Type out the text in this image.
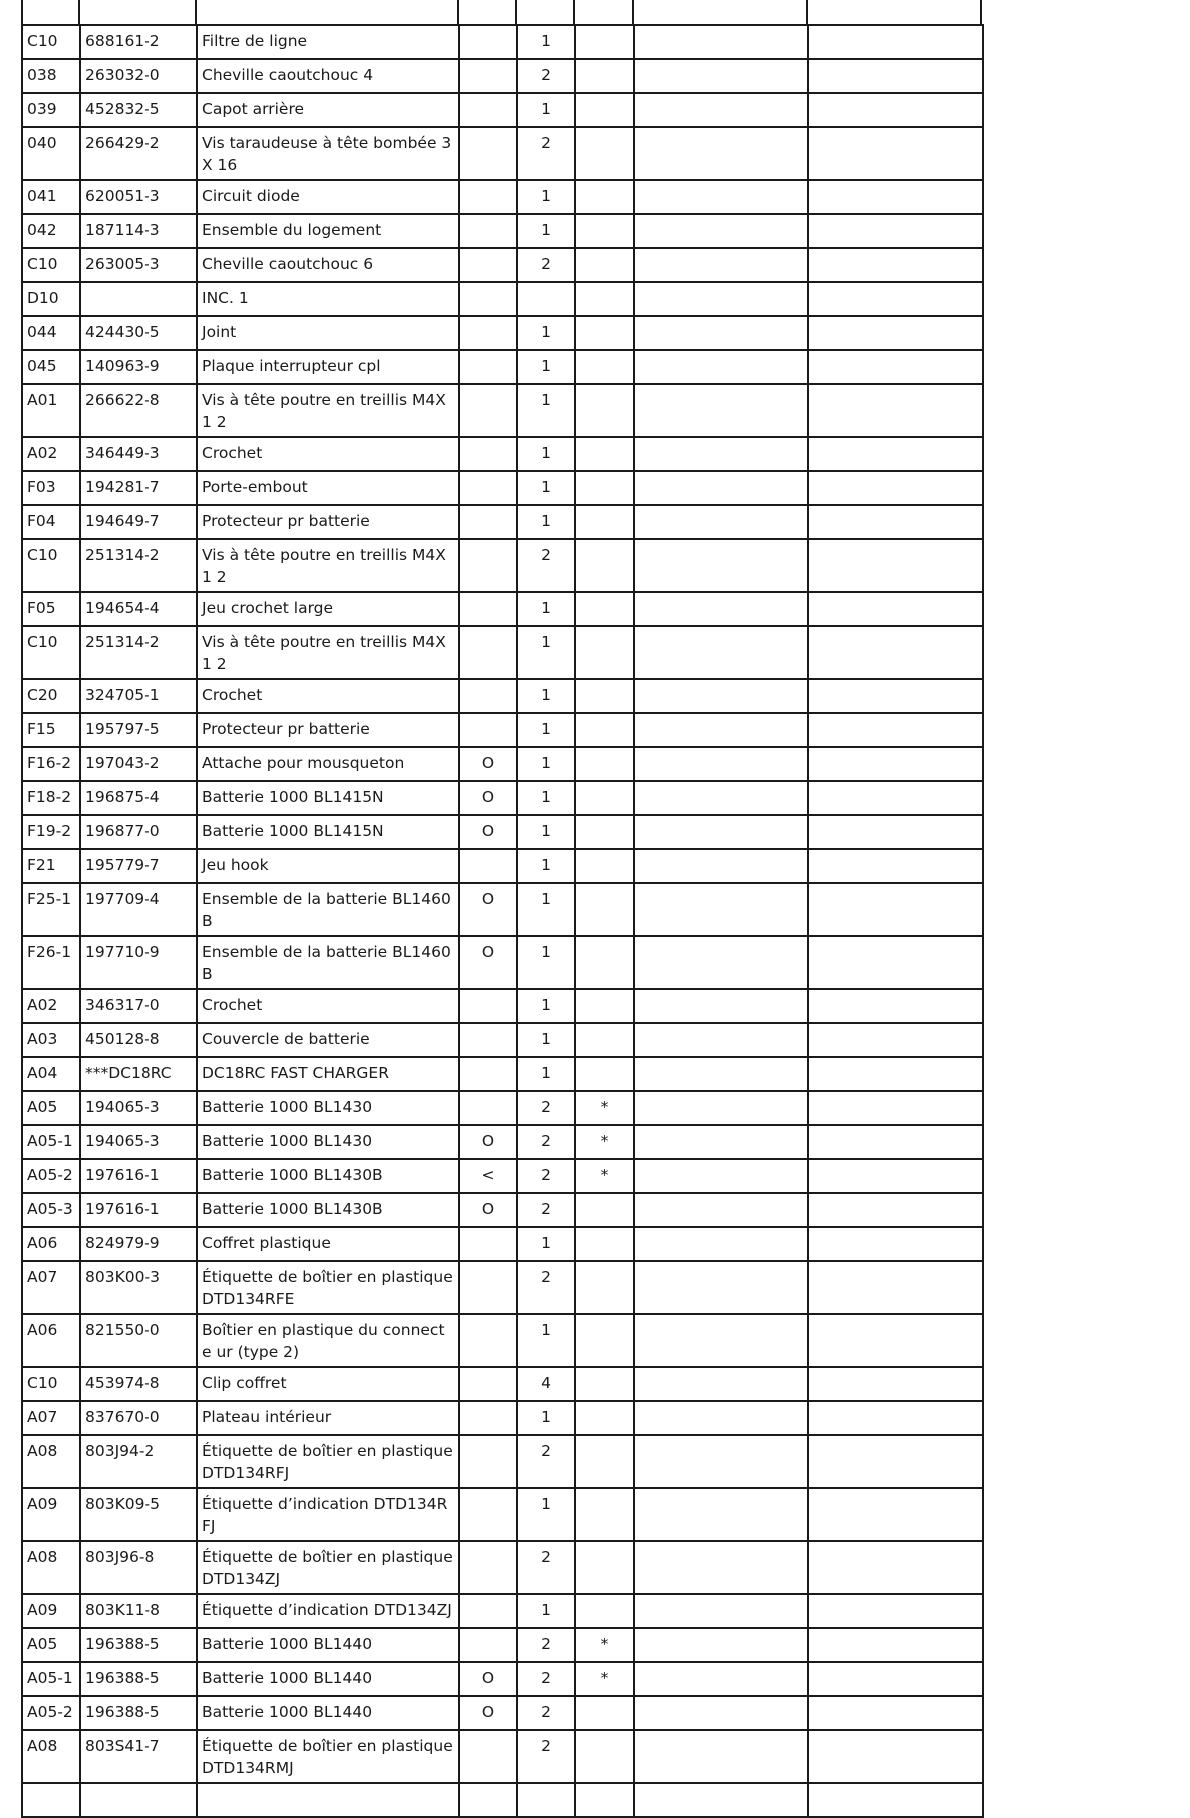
C10	688161-2	Filtre de ligne		1			
038	263032-0	Cheville caoutchouc 4		2			
039	452832-5	Capot arrière		1			
040	266429-2	Vis taraudeuse à tête bombée 3X 16		2			
041	620051-3	Circuit diode		1			
042	187114-3	Ensemble du logement		1			
C10	263005-3	Cheville caoutchouc 6		2			
D10		INC. 1					
044	424430-5	Joint		1			
045	140963-9	Plaque interrupteur cpl		1			
A01	266622-8	Vis à tête poutre en treillis M4X1 2		1			
A02	346449-3	Crochet		1			
F03	194281-7	Porte-embout		1			
F04	194649-7	Protecteur pr batterie		1			
C10	251314-2	Vis à tête poutre en treillis M4X1 2		2			
F05	194654-4	Jeu crochet large		1			
C10	251314-2	Vis à tête poutre en treillis M4X1 2		1			
C20	324705-1	Crochet		1			
F15	195797-5	Protecteur pr batterie		1			
F16-2	197043-2	Attache pour mousqueton	O	1			
F18-2	196875-4	Batterie 1000 BL1415N	O	1			
F19-2	196877-0	Batterie 1000 BL1415N	O	1			
F21	195779-7	Jeu hook		1			
F25-1	197709-4	Ensemble de la batterie BL1460B	O	1			
F26-1	197710-9	Ensemble de la batterie BL1460B	O	1			
A02	346317-0	Crochet		1			
A03	450128-8	Couvercle de batterie		1			
A04	***DC18RC	DC18RC FAST CHARGER		1			
A05	194065-3	Batterie 1000 BL1430		2	*		
A05-1	194065-3	Batterie 1000 BL1430	O	2	*		
A05-2	197616-1	Batterie 1000 BL1430B	<	2	*		
A05-3	197616-1	Batterie 1000 BL1430B	O	2			
A06	824979-9	Coffret plastique		1			
A07	803K00-3	Étiquette de boîtier en plastique DTD134RFE		2			
A06	821550-0	Boîtier en plastique du connecte ur (type 2)		1			
C10	453974-8	Clip coffret		4			
A07	837670-0	Plateau intérieur		1			
A08	803J94-2	Étiquette de boîtier en plastique DTD134RFJ		2			
A09	803K09-5	Étiquette d’indication DTD134RFJ		1			
A08	803J96-8	Étiquette de boîtier en plastique DTD134ZJ		2			
A09	803K11-8	Étiquette d’indication DTD134ZJ		1			
A05	196388-5	Batterie 1000 BL1440		2	*		
A05-1	196388-5	Batterie 1000 BL1440	O	2	*		
A05-2	196388-5	Batterie 1000 BL1440	O	2			
A08	803S41-7	Étiquette de boîtier en plastique DTD134RMJ		2			
